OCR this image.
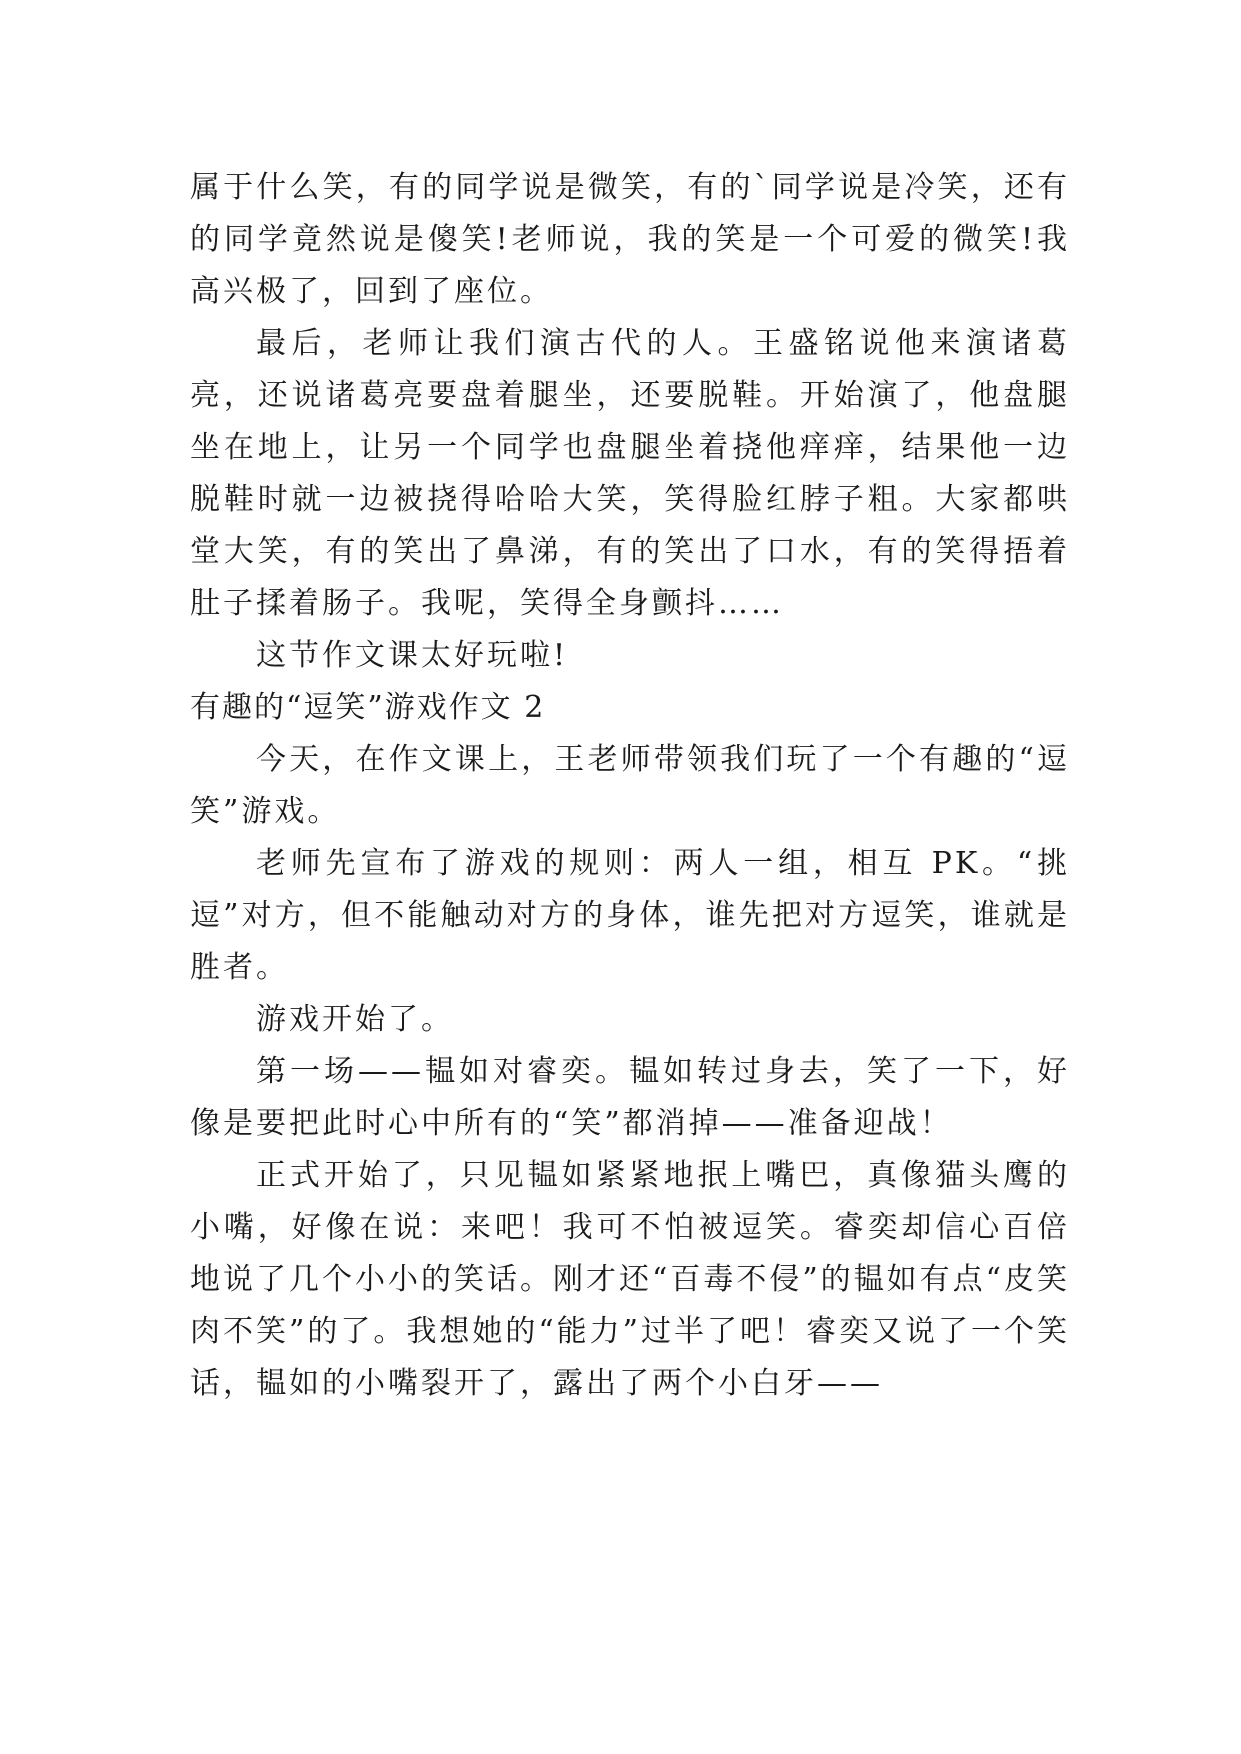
属于什么笑，有的同学说是微笑，有的`同学说是冷笑，还有的同学竟然说是傻笑!老师说，我的笑是一个可爱的微笑!我高兴极了，回到了座位。

最后，老师让我们演古代的人。王盛铭说他来演诸葛亮，还说诸葛亮要盘着腿坐，还要脱鞋。开始演了，他盘腿坐在地上，让另一个同学也盘腿坐着挠他痒痒，结果他一边脱鞋时就一边被挠得哈哈大笑，笑得脸红脖子粗。大家都哄堂大笑，有的笑出了鼻涕，有的笑出了口水，有的笑得捂着肚子揉着肠子。我呢，笑得全身颤抖……

这节作文课太好玩啦!

有趣的“逗笑”游戏作文 2

今天，在作文课上，王老师带领我们玩了一个有趣的“逗笑”游戏。

老师先宣布了游戏的规则：两人一组，相互 PK。“挑逗”对方，但不能触动对方的身体，谁先把对方逗笑，谁就是胜者。

游戏开始了。

第一场——韫如对睿奕。韫如转过身去，笑了一下，好像是要把此时心中所有的“笑”都消掉——准备迎战！

正式开始了，只见韫如紧紧地抿上嘴巴，真像猫头鹰的小嘴，好像在说：来吧！我可不怕被逗笑。睿奕却信心百倍地说了几个小小的笑话。刚才还“百毒不侵”的韫如有点“皮笑肉不笑”的了。我想她的“能力”过半了吧！睿奕又说了一个笑话，韫如的小嘴裂开了，露出了两个小白牙——
